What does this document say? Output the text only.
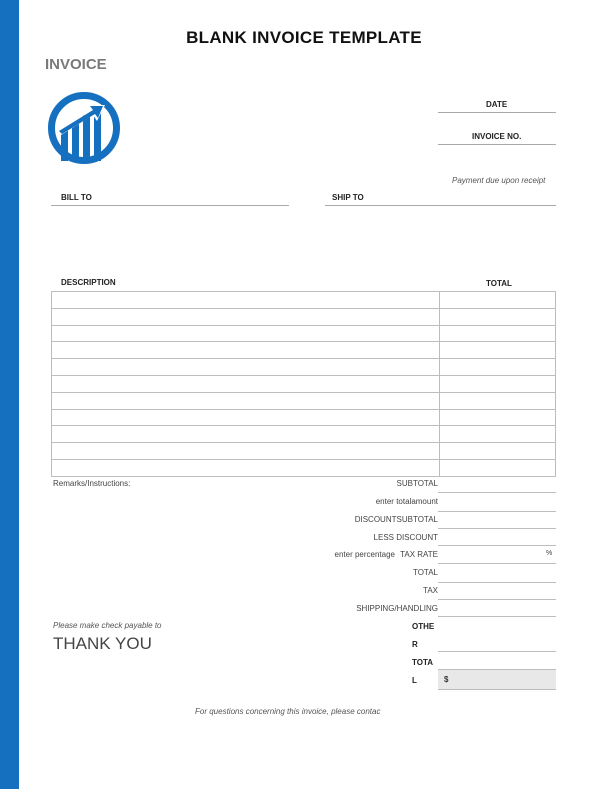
BLANK INVOICE TEMPLATE
INVOICE
DATE
INVOICE NO.
Payment due upon receipt
BILL TO	SHIP TO
DESCRIPTION	TOTAL

Remarks/Instructions:	SUBTOTAL
enter totalamount
DISCOUNTSUBTOTAL
LESS DISCOUNT
enter percentage TAX RATE	%
TOTAL
TAX
SHIPPING/HANDLING
OTHE
R
TOTA
L	$
Please make check payable to
THANK YOU
For questions concerning this invoice, please contac
